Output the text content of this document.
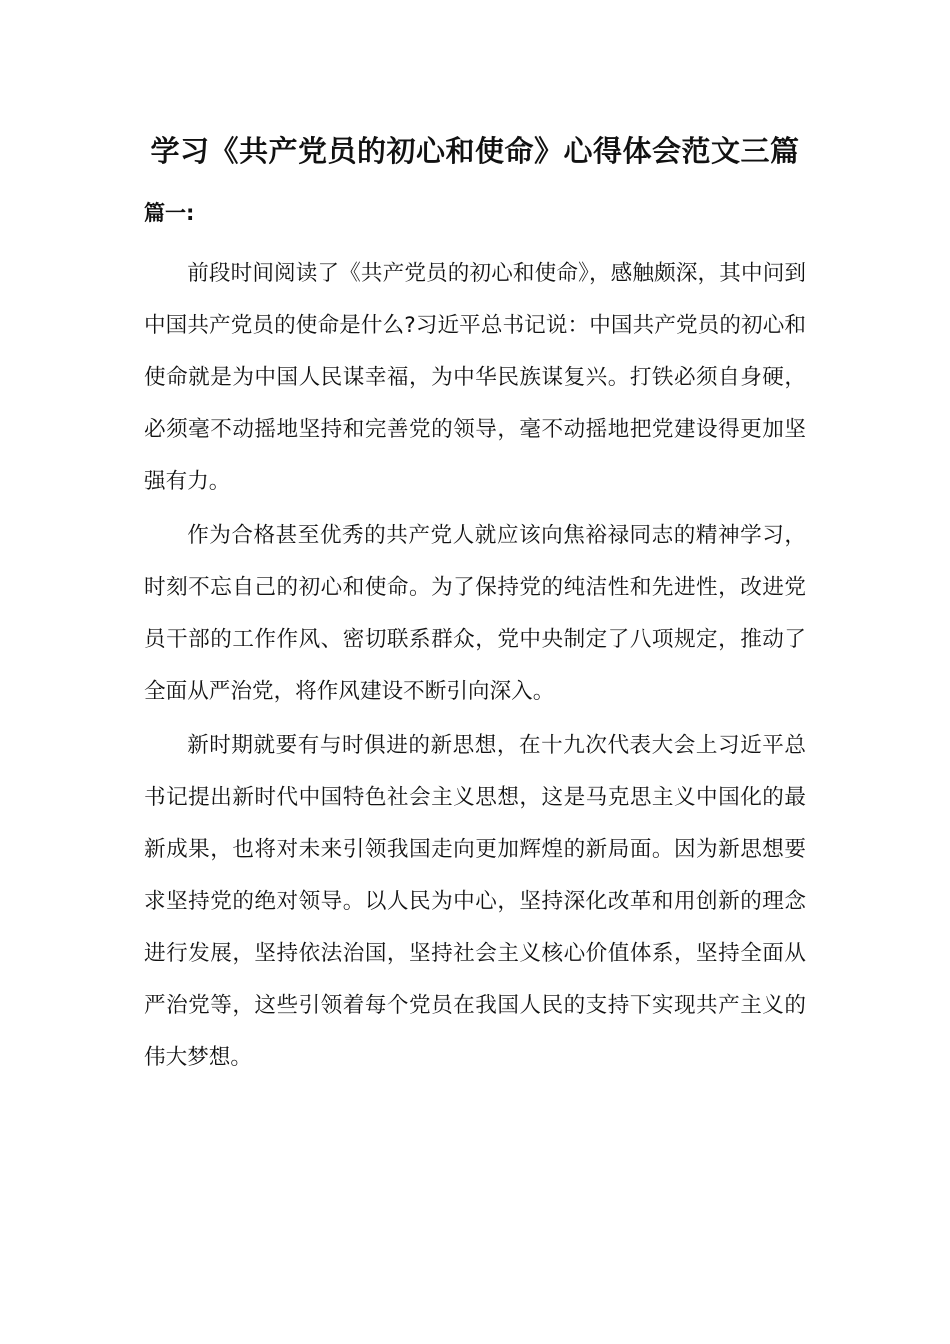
学习《共产党员的初心和使命》心得体会范文三篇
篇一:

前段时间阅读了《共产党员的初心和使命》，感触颇深，其中问到中国共产党员的使命是什么?习近平总书记说：中国共产党员的初心和使命就是为中国人民谋幸福，为中华民族谋复兴。打铁必须自身硬，必须毫不动摇地坚持和完善党的领导，毫不动摇地把党建设得更加坚强有力。

作为合格甚至优秀的共产党人就应该向焦裕禄同志的精神学习，时刻不忘自己的初心和使命。为了保持党的纯洁性和先进性，改进党员干部的工作作风、密切联系群众，党中央制定了八项规定，推动了全面从严治党，将作风建设不断引向深入。

新时期就要有与时俱进的新思想，在十九次代表大会上习近平总书记提出新时代中国特色社会主义思想，这是马克思主义中国化的最新成果，也将对未来引领我国走向更加辉煌的新局面。因为新思想要求坚持党的绝对领导。以人民为中心，坚持深化改革和用创新的理念进行发展，坚持依法治国，坚持社会主义核心价值体系，坚持全面从严治党等，这些引领着每个党员在我国人民的支持下实现共产主义的伟大梦想。
